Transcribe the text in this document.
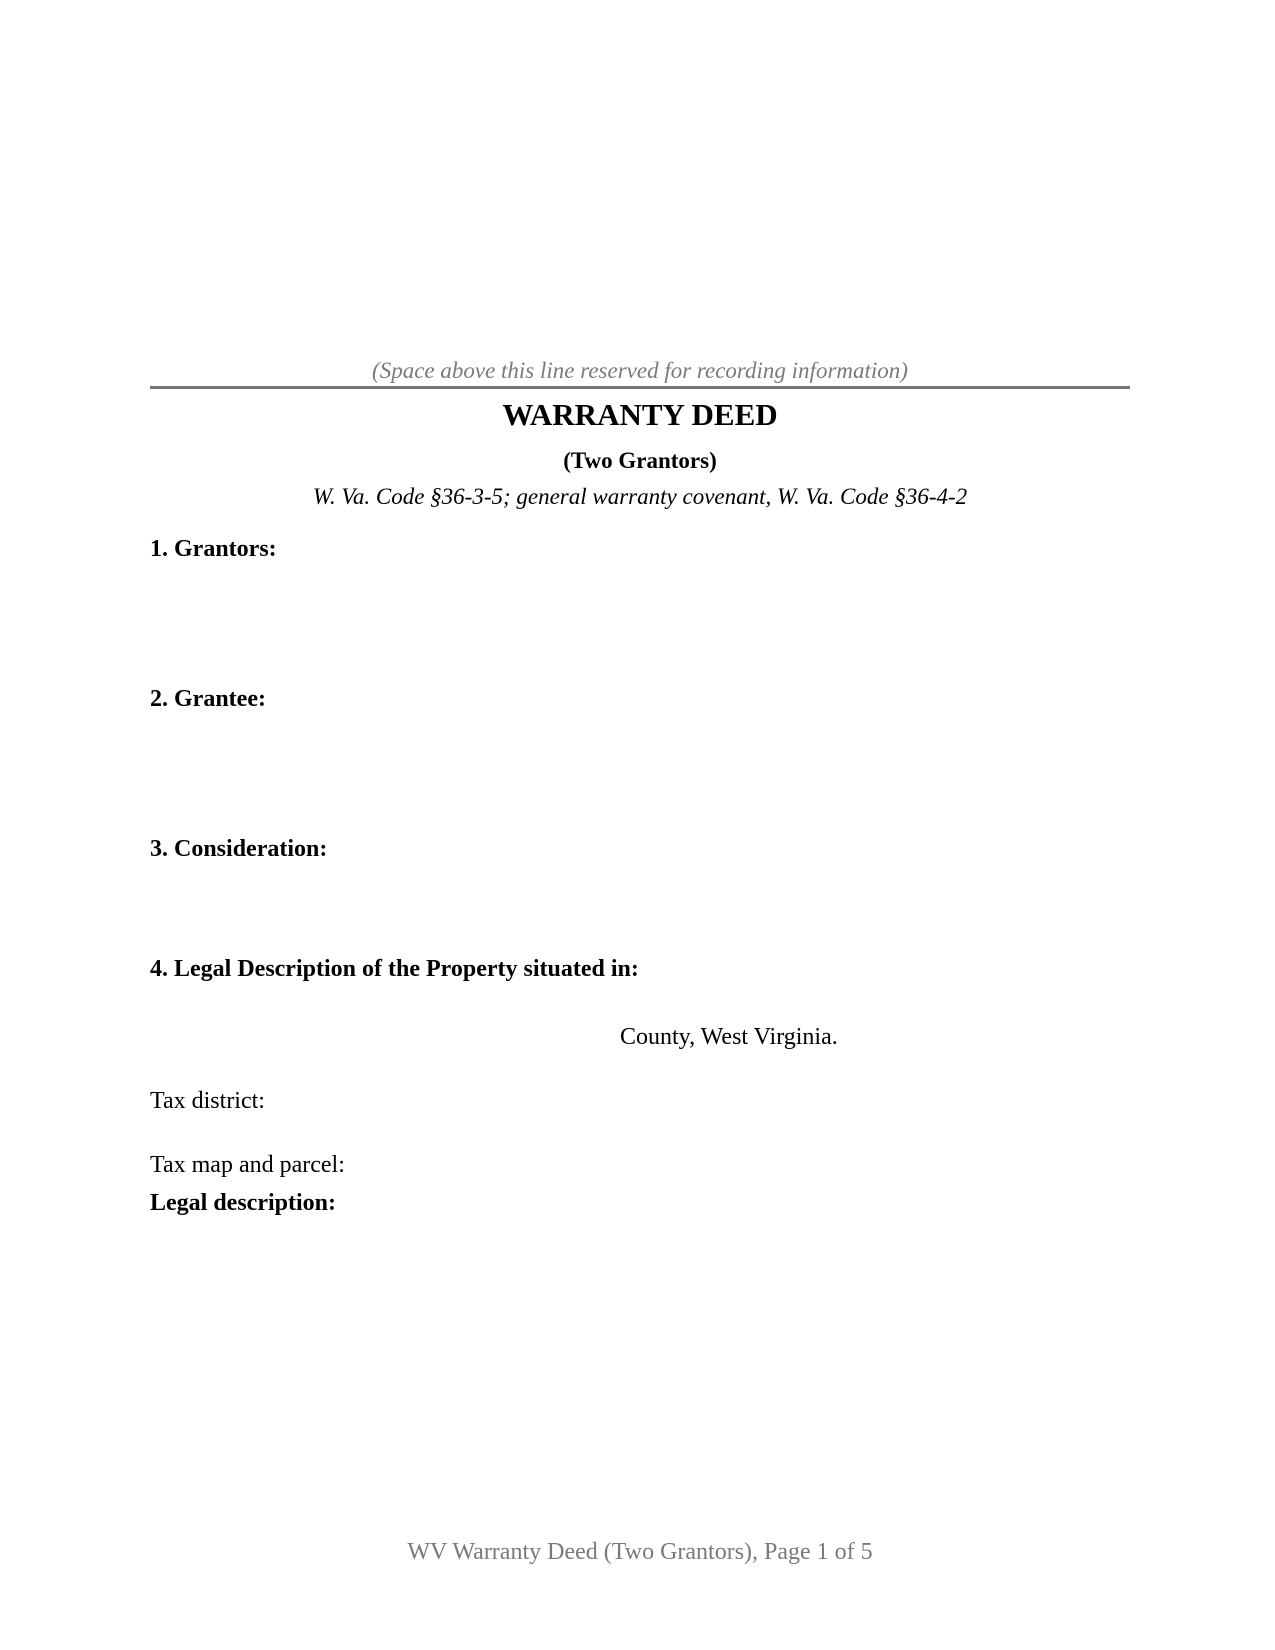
(Space above this line reserved for recording information)

WARRANTY DEED

(Two Grantors)

W. Va. Code §36-3-5; general warranty covenant, W. Va. Code §36-4-2

1. Grantors:

2. Grantee:

3. Consideration:

4. Legal Description of the Property situated in:

County, West Virginia.

Tax district:

Tax map and parcel:

Legal description:

WV Warranty Deed (Two Grantors), Page 1 of 5
